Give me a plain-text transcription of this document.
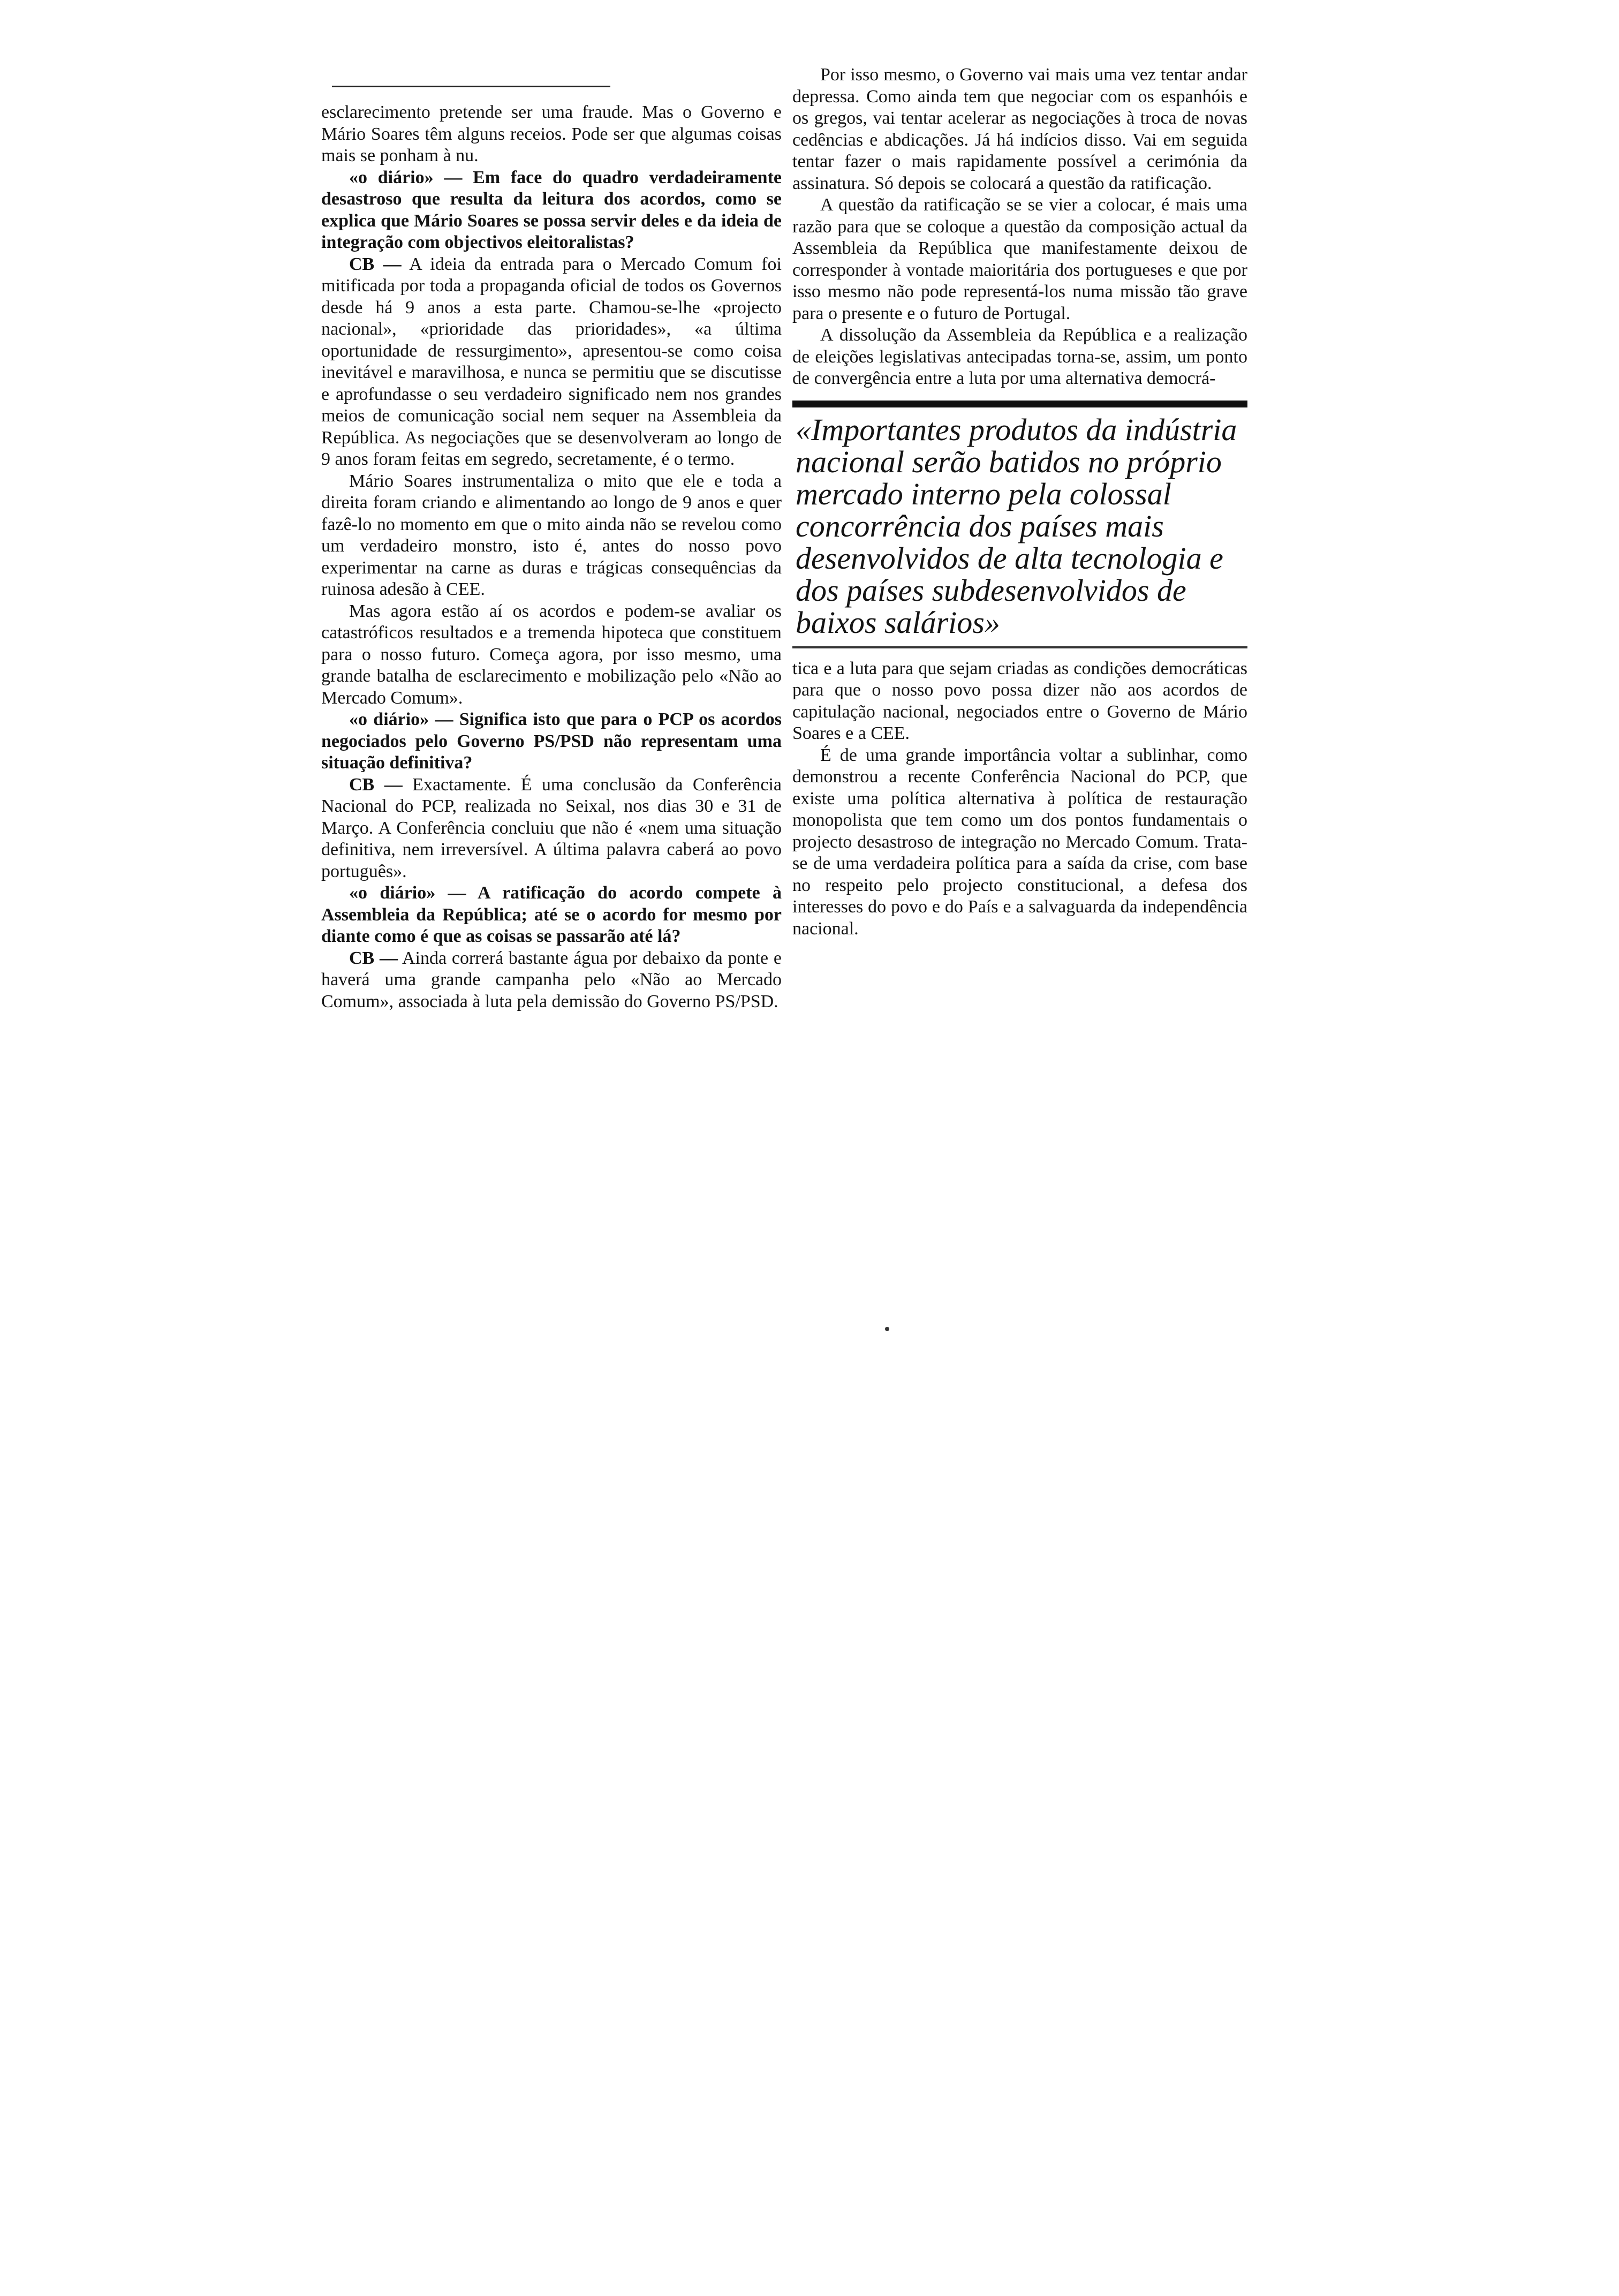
esclarecimento pretende ser uma fraude. Mas o Governo e Mário Soares têm alguns receios. Pode ser que algumas coisas mais se ponham à nu.

«o diário» — Em face do quadro verdadeiramente desastroso que resulta da leitura dos acordos, como se explica que Mário Soares se possa servir deles e da ideia de integração com objectivos eleitoralistas?

CB — A ideia da entrada para o Mercado Comum foi mitificada por toda a propaganda oficial de todos os Governos desde há 9 anos a esta parte. Chamou-se-lhe «projecto nacional», «prioridade das prioridades», «a última oportunidade de ressurgimento», apresentou-se como coisa inevitável e maravilhosa, e nunca se permitiu que se discutisse e aprofundasse o seu verdadeiro significado nem nos grandes meios de comunicação social nem sequer na Assembleia da República. As negociações que se desenvolveram ao longo de 9 anos foram feitas em segredo, secretamente, é o termo.

Mário Soares instrumentaliza o mito que ele e toda a direita foram criando e alimentando ao longo de 9 anos e quer fazê-lo no momento em que o mito ainda não se revelou como um verdadeiro monstro, isto é, antes do nosso povo experimentar na carne as duras e trágicas consequências da ruinosa adesão à CEE.

Mas agora estão aí os acordos e podem-se avaliar os catastróficos resultados e a tremenda hipoteca que constituem para o nosso futuro. Começa agora, por isso mesmo, uma grande batalha de esclarecimento e mobilização pelo «Não ao Mercado Comum».

«o diário» — Significa isto que para o PCP os acordos negociados pelo Governo PS/PSD não representam uma situação definitiva?

CB — Exactamente. É uma conclusão da Conferência Nacional do PCP, realizada no Seixal, nos dias 30 e 31 de Março. A Conferência concluiu que não é «nem uma situação definitiva, nem irreversível. A última palavra caberá ao povo português».

«o diário» — A ratificação do acordo compete à Assembleia da República; até se o acordo for mesmo por diante como é que as coisas se passarão até lá?

CB — Ainda correrá bastante água por debaixo da ponte e haverá uma grande campanha pelo «Não ao Mercado Comum», associada à luta pela demissão do Governo PS/PSD.

Por isso mesmo, o Governo vai mais uma vez tentar andar depressa. Como ainda tem que negociar com os espanhóis e os gregos, vai tentar acelerar as negociações à troca de novas cedências e abdicações. Já há indícios disso. Vai em seguida tentar fazer o mais rapidamente possível a cerimónia da assinatura. Só depois se colocará a questão da ratificação.

A questão da ratificação se se vier a colocar, é mais uma razão para que se coloque a questão da composição actual da Assembleia da República que manifestamente deixou de corresponder à vontade maioritária dos portugueses e que por isso mesmo não pode representá-los numa missão tão grave para o presente e o futuro de Portugal.

A dissolução da Assembleia da República e a realização de eleições legislativas antecipadas torna-se, assim, um ponto de convergência entre a luta por uma alternativa democrá-

«Importantes produtos da indústria nacional serão batidos no próprio mercado interno pela colossal concorrência dos países mais desenvolvidos de alta tecnologia e dos países subdesenvolvidos de baixos salários»

tica e a luta para que sejam criadas as condições democráticas para que o nosso povo possa dizer não aos acordos de capitulação nacional, negociados entre o Governo de Mário Soares e a CEE.

É de uma grande importância voltar a sublinhar, como demonstrou a recente Conferência Nacional do PCP, que existe uma política alternativa à política de restauração monopolista que tem como um dos pontos fundamentais o projecto desastroso de integração no Mercado Comum. Trata-se de uma verdadeira política para a saída da crise, com base no respeito pelo projecto constitucional, a defesa dos interesses do povo e do País e a salvaguarda da independência nacional.
